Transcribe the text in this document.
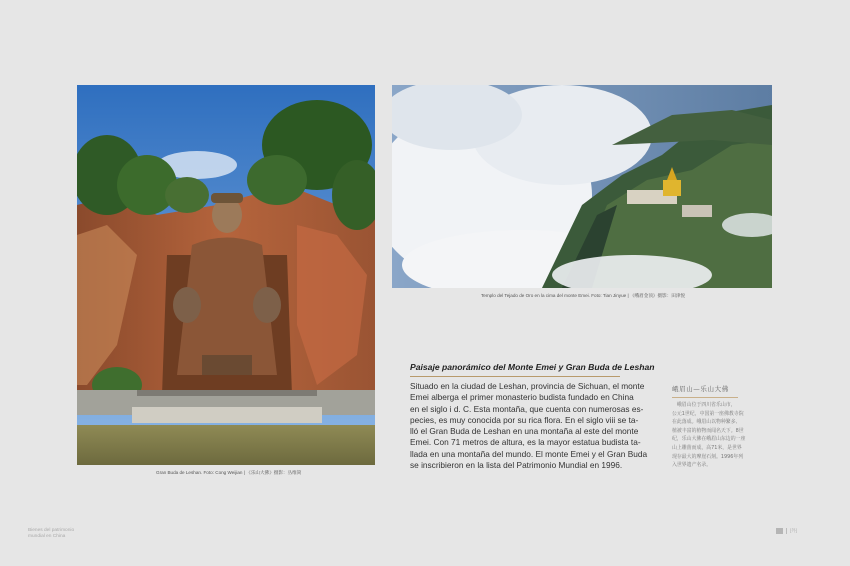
Gran Buda de Leshan. Foto: Cong Weijian | 《乐山大佛》摄影：丛维简
Templo del Tejado de Oro en la cima del monte Emei. Foto: Tian Jinyue | 《峨眉金顶》摄影：田津悦
Paisaje panorámico del Monte Emei y Gran Buda de Leshan
Situado en la ciudad de Leshan, provincia de Sichuan, el monte
Emei alberga el primer monasterio budista fundado en China
en el siglo i d. C. Esta montaña, que cuenta con numerosas es-
pecies, es muy conocida por su rica flora. En el siglo viii se ta-
lló el Gran Buda de Leshan en una montaña al este del monte
Emei. Con 71 metros de altura, es la mayor estatua budista ta-
llada en una montaña del mundo. El monte Emei y el Gran Buda
se inscribieron en la lista del Patrimonio Mundial en 1996.
峨眉山—乐山大佛
　峨眉山位于四川省乐山市，
公元1世纪，中国第一座佛教寺院
在此落成。峨眉山以物种繁多、
植被丰富的植物而闻名天下。8世
纪，乐山大佛在峨眉山东边的一座
山上雕凿而成，高71米，是世界
现存最大的摩崖石刻。1996年列
入世界遗产名录。
Bienes del patrimonio
mundial en China
[外]
